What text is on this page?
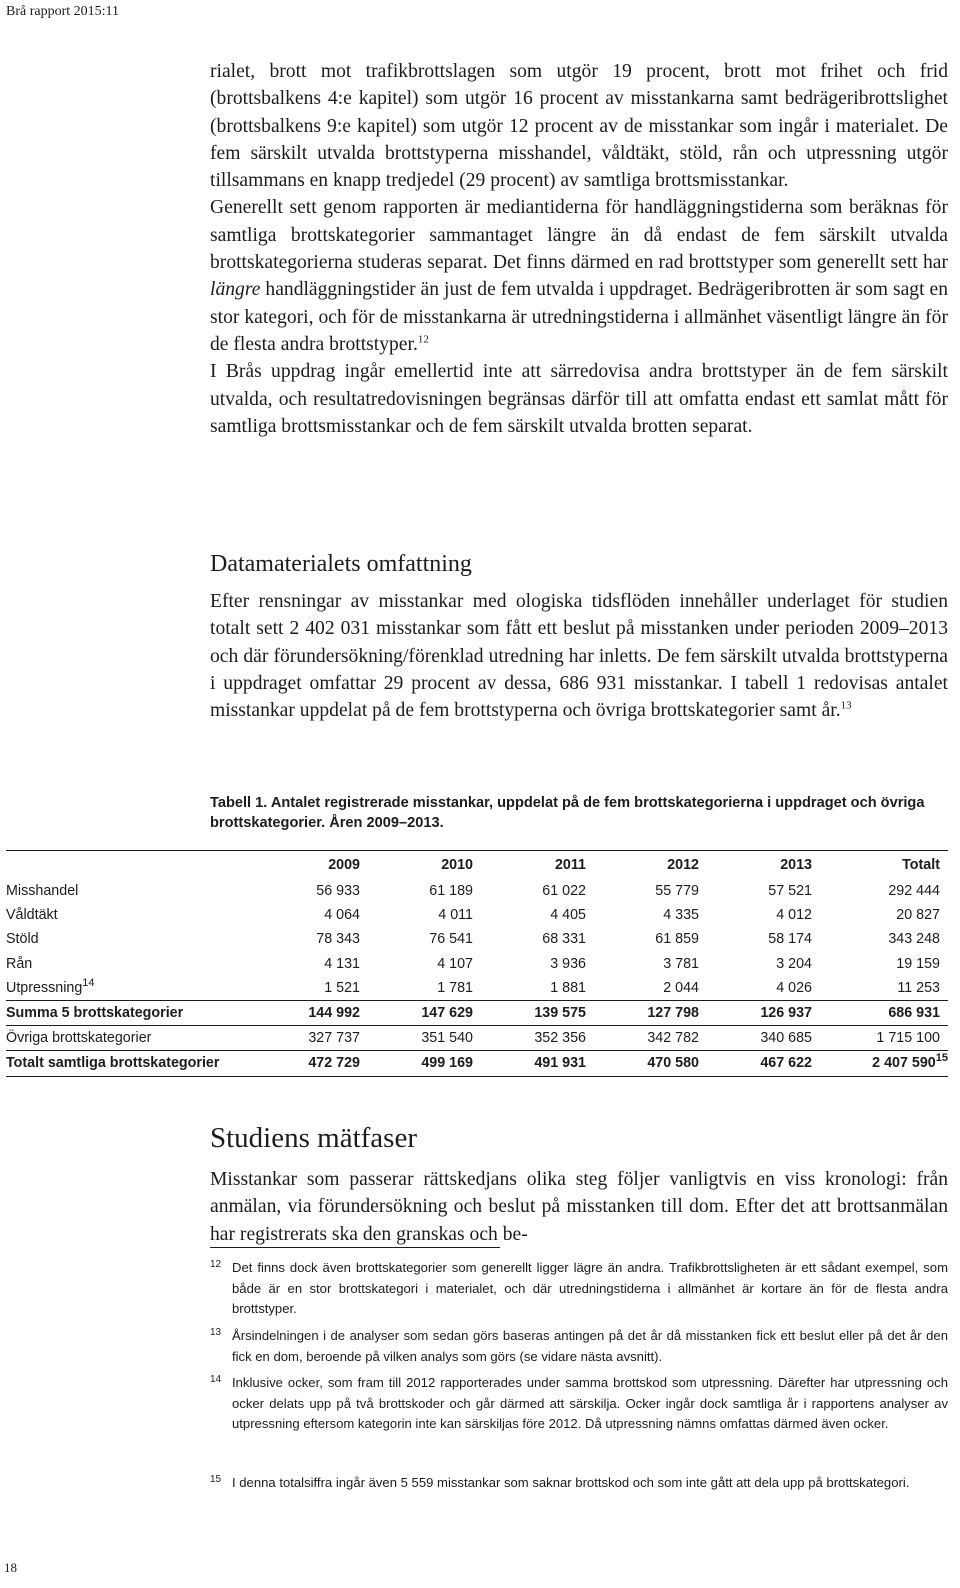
Brå rapport 2015:11

rialet, brott mot trafikbrottslagen som utgör 19 procent, brott mot frihet och frid (brottsbalkens 4:e kapitel) som utgör 16 procent av misstankarna samt bedrägeribrottslighet (brottsbalkens 9:e kapitel) som utgör 12 procent av de misstankar som ingår i materialet. De fem särskilt utvalda brottstyperna misshandel, våldtäkt, stöld, rån och utpressning utgör tillsammans en knapp tredjedel (29 procent) av samtliga brottsmisstankar.

Generellt sett genom rapporten är mediantiderna för handläggningstiderna som beräknas för samtliga brottskategorier sammantaget längre än då endast de fem särskilt utvalda brottskategorierna studeras separat. Det finns därmed en rad brottstyper som generellt sett har längre handläggningstider än just de fem utvalda i uppdraget. Bedrägeribrotten är som sagt en stor kategori, och för de misstankarna är utredningstiderna i allmänhet väsentligt längre än för de flesta andra brottstyper.$^{12}$

I Brås uppdrag ingår emellertid inte att särredovisa andra brottstyper än de fem särskilt utvalda, och resultatredovisningen begränsas därför till att omfatta endast ett samlat mått för samtliga brottsmisstankar och de fem särskilt utvalda brotten separat.

Datamaterialets omfattning

Efter rensningar av misstankar med ologiska tidsflöden innehåller underlaget för studien totalt sett 2 402 031 misstankar som fått ett beslut på misstanken under perioden 2009–2013 och där förundersökning/förenklad utredning har inletts. De fem särskilt utvalda brottstyperna i uppdraget omfattar 29 procent av dessa, 686 931 misstankar. I tabell 1 redovisas antalet misstankar uppdelat på de fem brottstyperna och övriga brottskategorier samt år.$^{13}$

Tabell 1. Antalet registrerade misstankar, uppdelat på de fem brottskategorierna i uppdraget och övriga brottskategorier. Åren 2009–2013.
	2009	2010	2011	2012	2013	Totalt
Misshandel	56 933	61 189	61 022	55 779	57 521	292 444
Våldtäkt	4 064	4 011	4 405	4 335	4 012	20 827
Stöld	78 343	76 541	68 331	61 859	58 174	343 248
Rån	4 131	4 107	3 936	3 781	3 204	19 159
Utpressning$^{14}$	1 521	1 781	1 881	2 044	4 026	11 253
Summa 5 brottskategorier	144 992	147 629	139 575	127 798	126 937	686 931
Övriga brottskategorier	327 737	351 540	352 356	342 782	340 685	1 715 100
Totalt samtliga brottskategorier	472 729	499 169	491 931	470 580	467 622	2 407 $590^{15}$
Studiens mätfaser

Misstankar som passerar rättskedjans olika steg följer vanligtvis en viss kronologi: från anmälan, via förundersökning och beslut på misstanken till dom. Efter det att brottsanmälan har registrerats ska den granskas och be-

12 Det finns dock även brottskategorier som generellt ligger lägre än andra. Trafikbrottsligheten är ett sådant exempel, som både är en stor brottskategori i materialet, och där utredningstiderna i allmänhet är kortare än för de flesta andra brottstyper.
13 Årsindelningen i de analyser som sedan görs baseras antingen på det år då misstanken fick ett beslut eller på det år den fick en dom, beroende på vilken analys som görs (se vidare nästa avsnitt).
14 Inklusive ocker, som fram till 2012 rapporterades under samma brottskod som utpressning. Därefter har utpressning och ocker delats upp på två brottskoder och går därmed att särskilja. Ocker ingår dock samtliga år i rapportens analyser av utpressning eftersom kategorin inte kan särskiljas före 2012. Då utpressning nämns omfattas därmed även ocker.
15 I denna totalsiffra ingår även 5 559 misstankar som saknar brottskod och som inte gått att dela upp på brottskategori.
18
